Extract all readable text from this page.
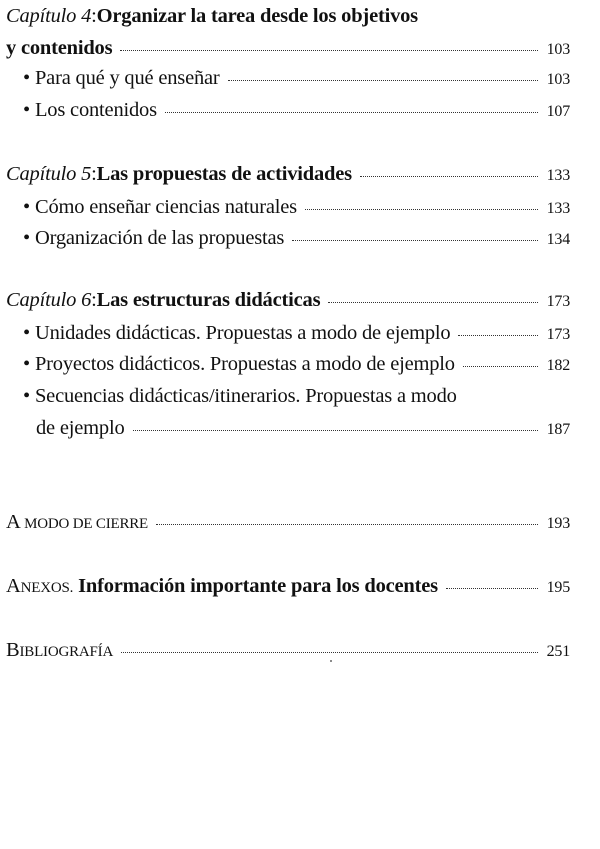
Capítulo 4 : Organizar la tarea desde los objetivos
y contenidos	103
• Para qué y qué enseñar	103
• Los contenidos	107
Capítulo 5 : Las propuestas de actividades	133
• Cómo enseñar ciencias naturales	133
• Organización de las propuestas	134
Capítulo 6 : Las estructuras didácticas	173
• Unidades didácticas. Propuestas a modo de ejemplo	173
• Proyectos didácticos. Propuestas a modo de ejemplo	182
• Secuencias didácticas/itinerarios. Propuestas a modo
de ejemplo	187
A MODO DE CIERRE	193
ANEXOS. Información importante para los docentes	195
BIBLIOGRAFÍA	251
